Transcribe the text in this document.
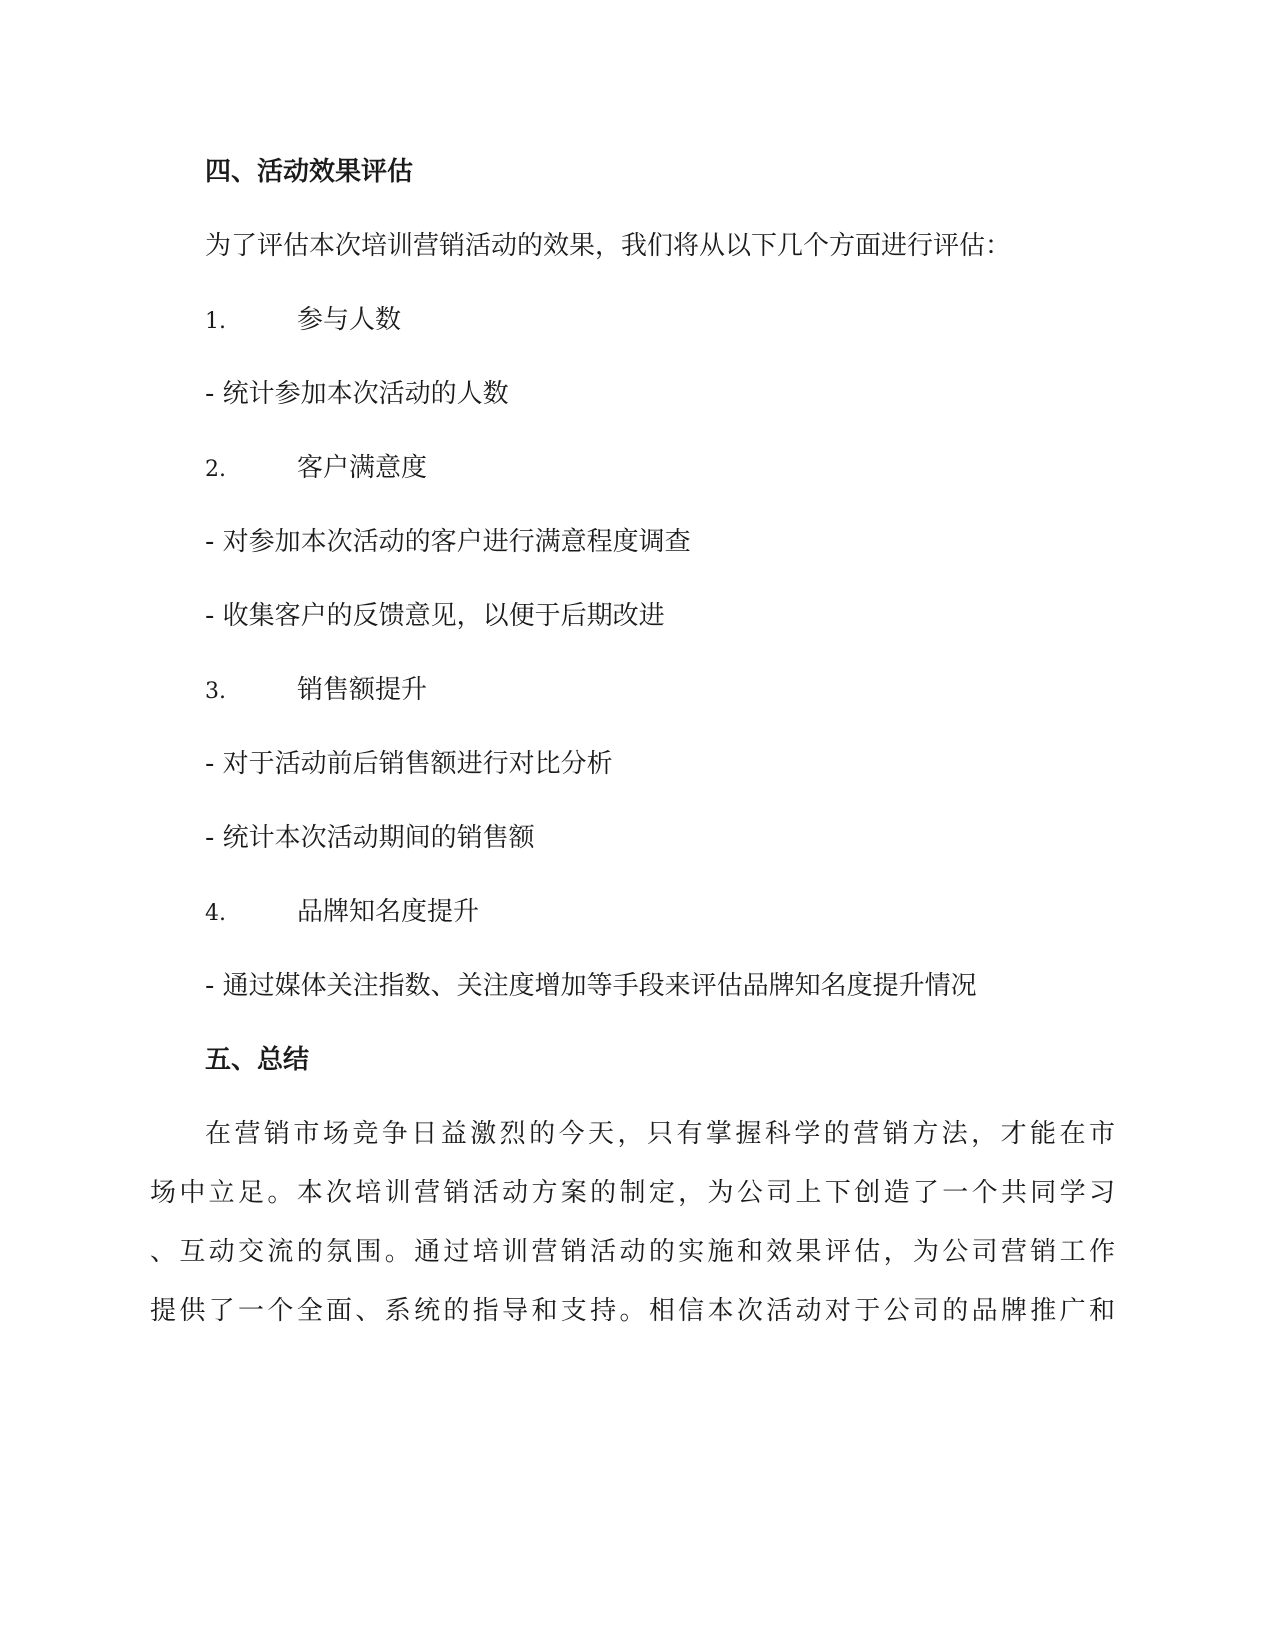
四、活动效果评估
为了评估本次培训营销活动的效果，我们将从以下几个方面进行评估：
1.	参与人数
- 统计参加本次活动的人数
2.	客户满意度
- 对参加本次活动的客户进行满意程度调查
- 收集客户的反馈意见，以便于后期改进
3.	销售额提升
- 对于活动前后销售额进行对比分析
- 统计本次活动期间的销售额
4.	品牌知名度提升
- 通过媒体关注指数、关注度增加等手段来评估品牌知名度提升情况
五、总结
在营销市场竞争日益激烈的今天，只有掌握科学的营销方法，才能在市
场中立足。本次培训营销活动方案的制定，为公司上下创造了一个共同学习
、互动交流的氛围。通过培训营销活动的实施和效果评估，为公司营销工作
提供了一个全面、系统的指导和支持。相信本次活动对于公司的品牌推广和
